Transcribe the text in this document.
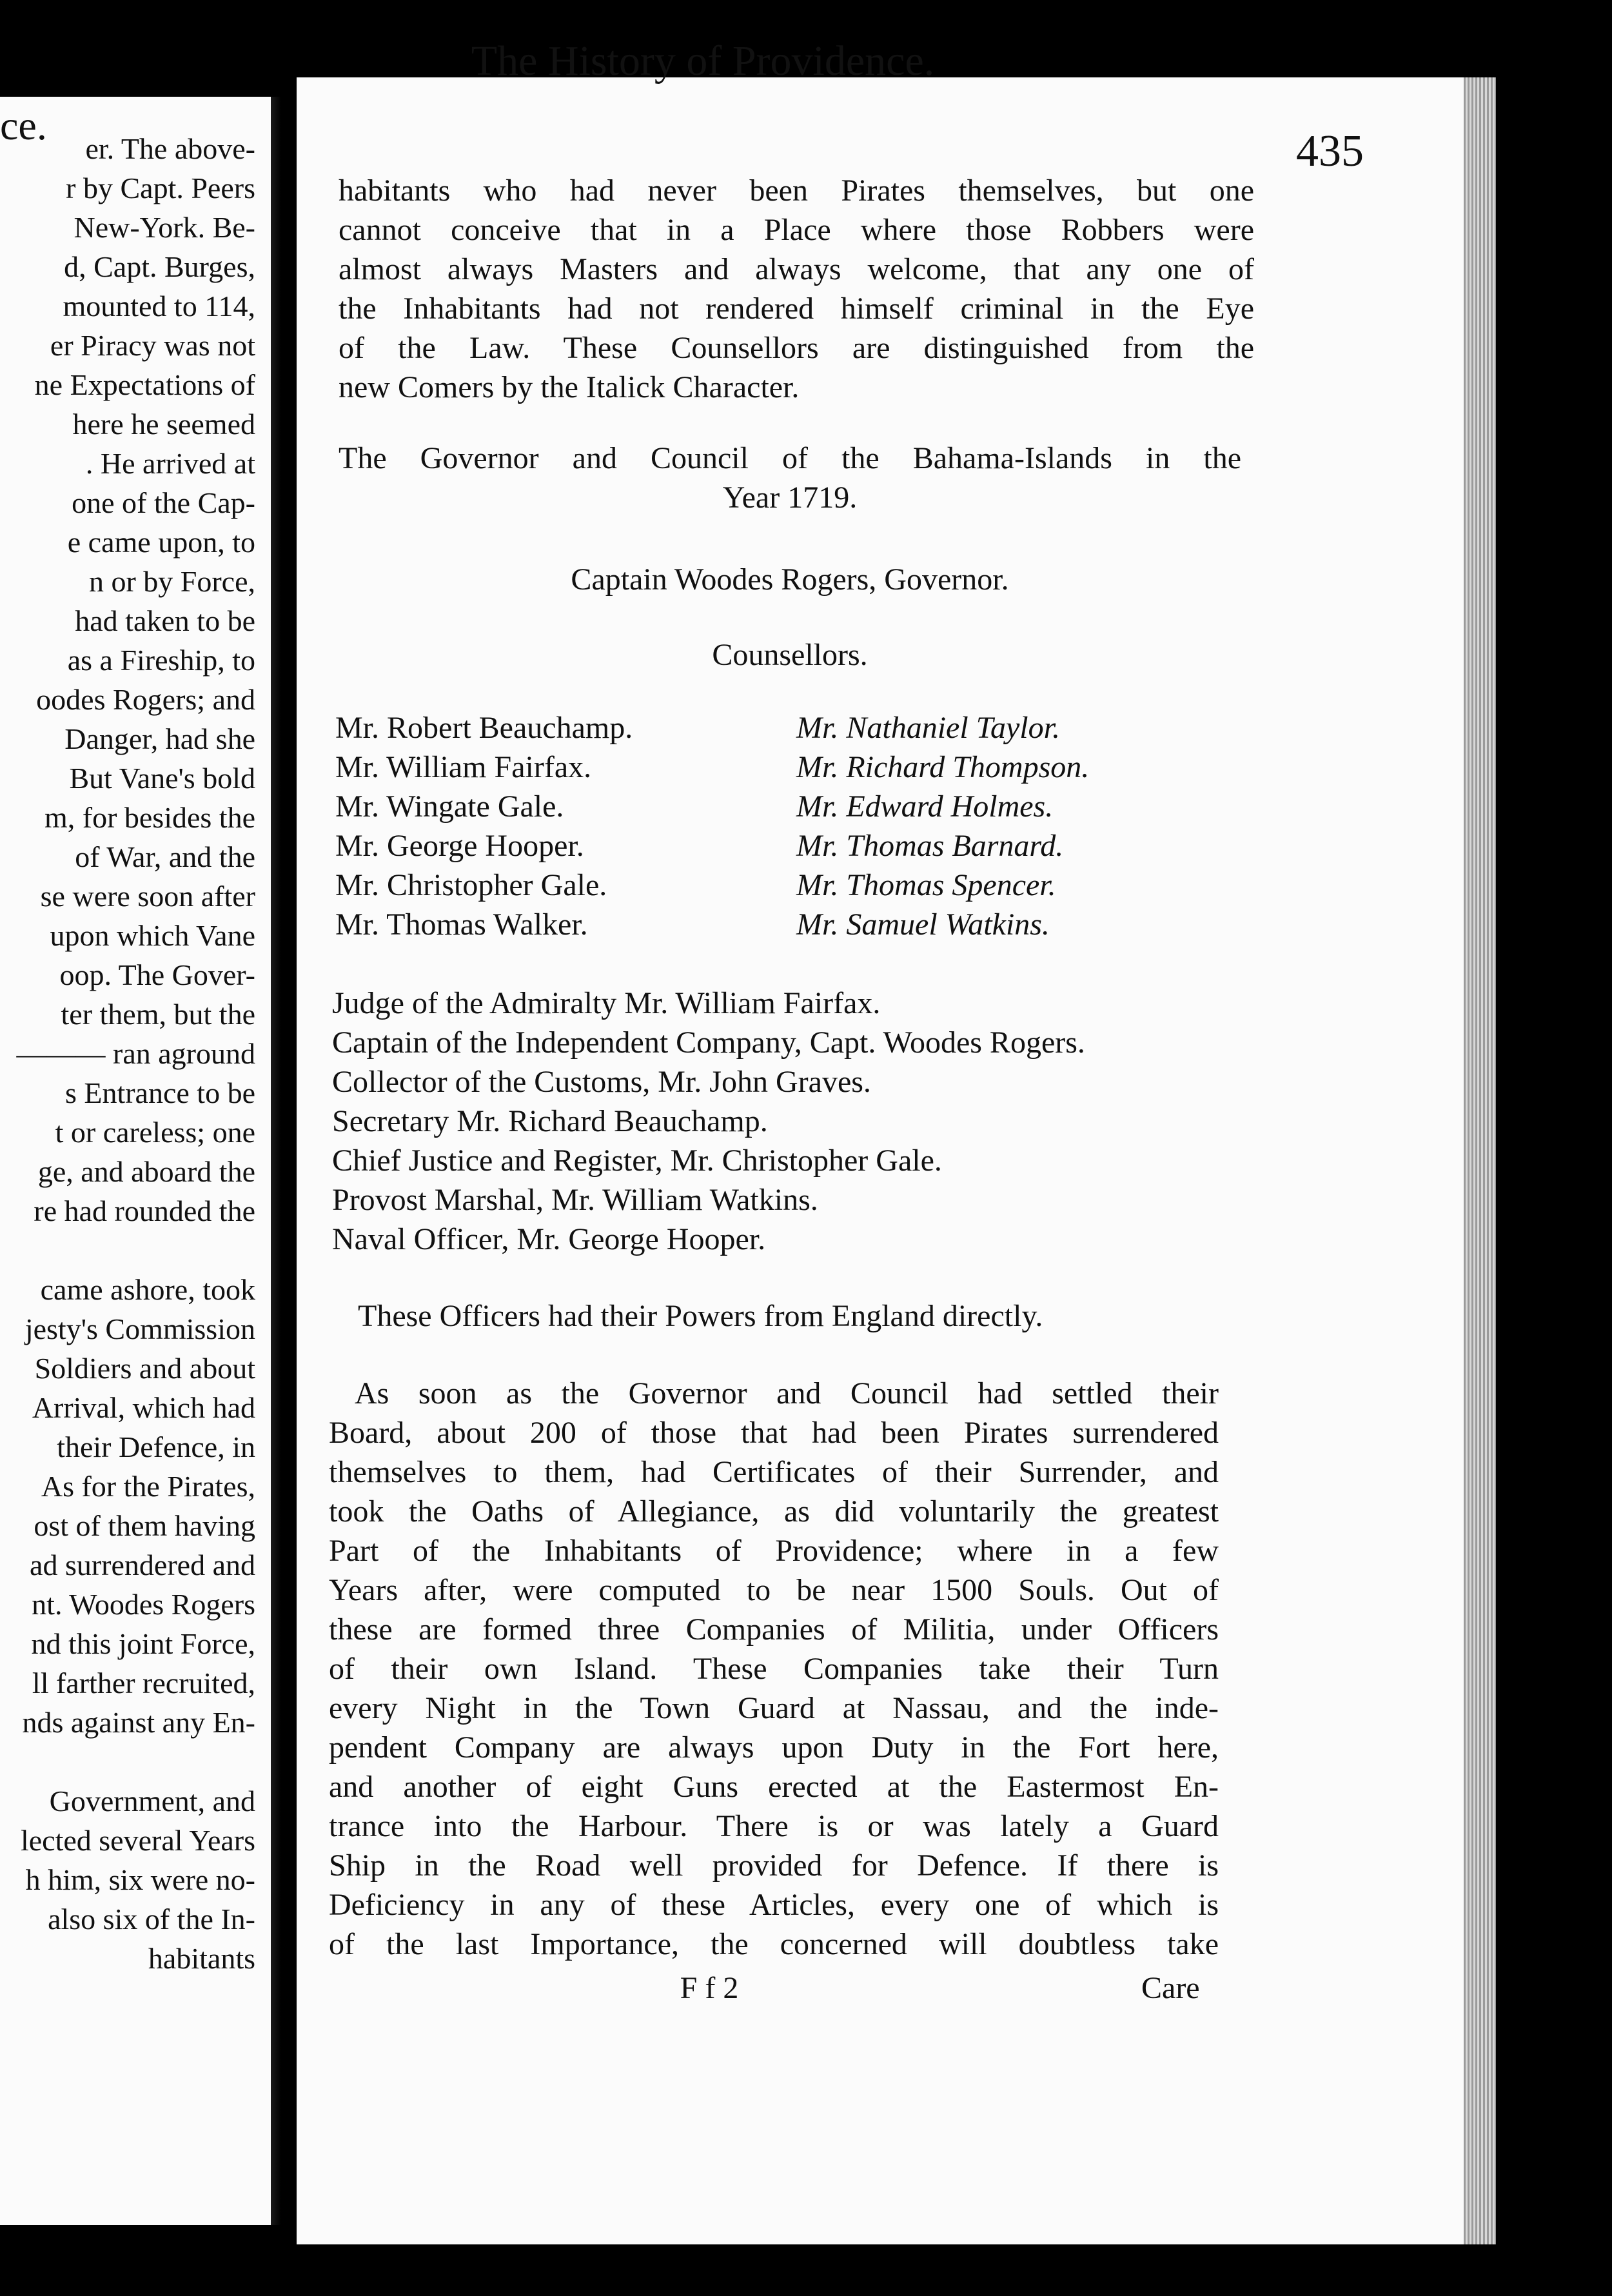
er. The above-
r by Capt. Peers
New-York. Be-
d, Capt. Burges,
mounted to 114,
er Piracy was not
ne Expectations of
here he seemed
. He arrived at
one of the Cap-
e came upon, to
n or by Force,
had taken to be
as a Fireship, to
oodes Rogers; and
Danger, had she
But Vane's bold
m, for besides the
of War, and the
se were soon after
upon which Vane
oop. The Gover-
ter them, but the
——— ran aground
s Entrance to be
t or careless; one
ge, and aboard the
re had rounded the
came ashore, took
jesty's Commission
Soldiers and about
Arrival, which had
their Defence, in
As for the Pirates,
ost of them having
ad surrendered and
nt. Woodes Rogers
nd this joint Force,
ll farther recruited,
nds against any En-
Government, and
lected several Years
h him, six were no-
also six of the In-
habitants
The History of Providence.
ce.
435
habitants who had never been Pirates themselves, but one
cannot conceive that in a Place where those Robbers were
almost always Masters and always welcome, that any one of
the Inhabitants had not rendered himself criminal in the Eye
of the Law. These Counsellors are distinguished from the
new Comers by the Italick Character.
The Governor and Council of the Bahama-Islands in the
Year 1719.
Captain Woodes Rogers, Governor.
Counsellors.
Mr. Robert Beauchamp.
Mr. William Fairfax.
Mr. Wingate Gale.
Mr. George Hooper.
Mr. Christopher Gale.
Mr. Thomas Walker.
Mr. Nathaniel Taylor.
Mr. Richard Thompson.
Mr. Edward Holmes.
Mr. Thomas Barnard.
Mr. Thomas Spencer.
Mr. Samuel Watkins.
Judge of the Admiralty Mr. William Fairfax.
Captain of the Independent Company, Capt. Woodes Rogers.
Collector of the Customs, Mr. John Graves.
Secretary Mr. Richard Beauchamp.
Chief Justice and Register, Mr. Christopher Gale.
Provost Marshal, Mr. William Watkins.
Naval Officer, Mr. George Hooper.
These Officers had their Powers from England directly.
As soon as the Governor and Council had settled their
Board, about 200 of those that had been Pirates surrendered
themselves to them, had Certificates of their Surrender, and
took the Oaths of Allegiance, as did voluntarily the greatest
Part of the Inhabitants of Providence; where in a few
Years after, were computed to be near 1500 Souls. Out of
these are formed three Companies of Militia, under Officers
of their own Island. These Companies take their Turn
every Night in the Town Guard at Nassau, and the inde-
pendent Company are always upon Duty in the Fort here,
and another of eight Guns erected at the Eastermost En-
trance into the Harbour. There is or was lately a Guard
Ship in the Road well provided for Defence. If there is
Deficiency in any of these Articles, every one of which is
of the last Importance, the concerned will doubtless take
F f 2	Care
